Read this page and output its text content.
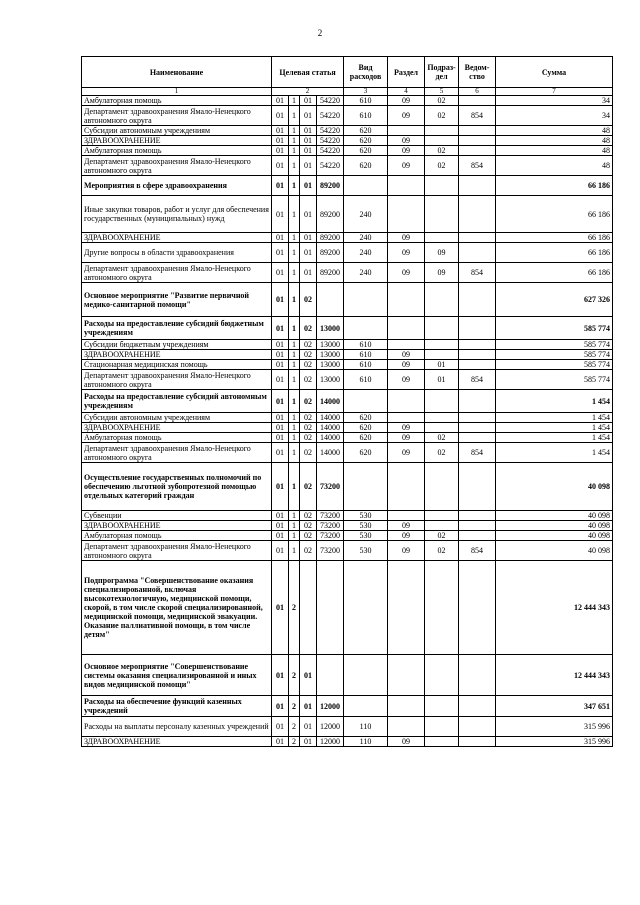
2
Наименование	Целевая статья				Вид расходов	Раздел	Подраз-дел	Ведом-ство	Сумма
1	2				3	4	5	6	7
Амбулаторная помощь	01	1	01	54220	610	09	02		34
Департамент здравоохранения Ямало-Ненецкого автономного округа	01	1	01	54220	610	09	02	854	34
Субсидии автономным учреждениям	01	1	01	54220	620				48
ЗДРАВООХРАНЕНИЕ	01	1	01	54220	620	09			48
Амбулаторная помощь	01	1	01	54220	620	09	02		48
Департамент здравоохранения Ямало-Ненецкого автономного округа	01	1	01	54220	620	09	02	854	48
Мероприятия в сфере здравоохранения	01	1	01	89200					66 186
Иные закупки товаров, работ и услуг для обеспечения государственных (муниципальных) нужд	01	1	01	89200	240				66 186
ЗДРАВООХРАНЕНИЕ	01	1	01	89200	240	09			66 186
Другие вопросы в области здравоохранения	01	1	01	89200	240	09	09		66 186
Департамент здравоохранения Ямало-Ненецкого автономного округа	01	1	01	89200	240	09	09	854	66 186
Основное мероприятие "Развитие первичной медико-санитарной помощи"	01	1	02						627 326
Расходы на предоставление субсидий бюджетным учреждениям	01	1	02	13000					585 774
Субсидии бюджетным учреждениям	01	1	02	13000	610				585 774
ЗДРАВООХРАНЕНИЕ	01	1	02	13000	610	09			585 774
Стационарная медицинская помощь	01	1	02	13000	610	09	01		585 774
Департамент здравоохранения Ямало-Ненецкого автономного округа	01	1	02	13000	610	09	01	854	585 774
Расходы на предоставление субсидий автономным учреждениям	01	1	02	14000					1 454
Субсидии автономным учреждениям	01	1	02	14000	620				1 454
ЗДРАВООХРАНЕНИЕ	01	1	02	14000	620	09			1 454
Амбулаторная помощь	01	1	02	14000	620	09	02		1 454
Департамент здравоохранения Ямало-Ненецкого автономного округа	01	1	02	14000	620	09	02	854	1 454
Осуществление государственных полномочий по обеспечению льготной зубопротезной помощью отдельных категорий граждан	01	1	02	73200					40 098
Субвенции	01	1	02	73200	530				40 098
ЗДРАВООХРАНЕНИЕ	01	1	02	73200	530	09			40 098
Амбулаторная помощь	01	1	02	73200	530	09	02		40 098
Департамент здравоохранения Ямало-Ненецкого автономного округа	01	1	02	73200	530	09	02	854	40 098
Подпрограмма "Совершенствование оказания специализированной, включая высокотехнологичную, медицинской помощи, скорой, в том числе скорой специализированной, медицинской помощи, медицинской эвакуации. Оказание паллиативной помощи, в том числе детям"	01	2							12 444 343
Основное мероприятие "Совершенствование системы оказания специализированной и иных видов медицинской помощи"	01	2	01						12 444 343
Расходы на обеспечение функций казенных учреждений	01	2	01	12000					347 651
Расходы на выплаты персоналу казенных учреждений	01	2	01	12000	110				315 996
ЗДРАВООХРАНЕНИЕ	01	2	01	12000	110	09			315 996
